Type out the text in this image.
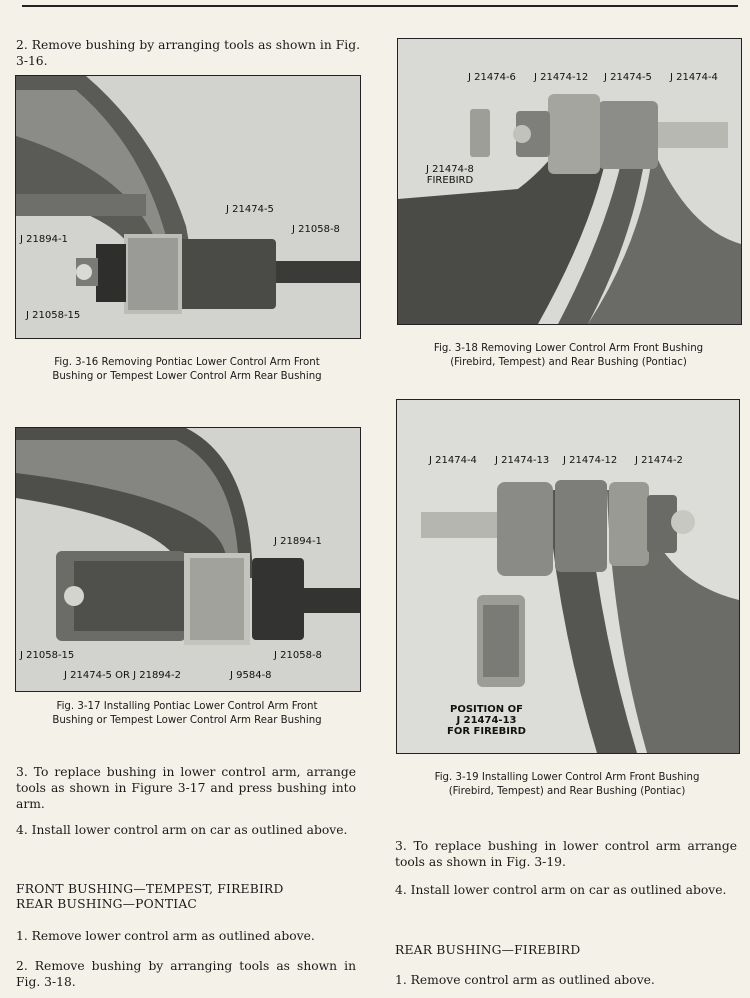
2. Remove bushing by arranging tools as shown in Fig. 3-16.

J 21474-5
J 21058-8
J 21894-1
J 21058-15

Fig. 3-16 Removing Pontiac Lower Control Arm Front
Bushing or Tempest Lower Control Arm Rear Bushing

J 21894-1
J 21058-15
J 21474-5 OR J 21894-2	J 9584-8
J 21058-8

Fig. 3-17 Installing Pontiac Lower Control Arm Front
Bushing or Tempest Lower Control Arm Rear Bushing

3. To replace bushing in lower control arm, arrange tools as shown in Figure 3-17 and press bushing into arm.

4. Install lower control arm on car as outlined above.

FRONT BUSHING—TEMPEST, FIREBIRD

REAR BUSHING—PONTIAC

1. Remove lower control arm as outlined above.

2. Remove bushing by arranging tools as shown in Fig. 3-18.

J 21474-6 J 21474-12 J 21474-5 J 21474-4
J 21474-8
FIREBIRD

Fig. 3-18 Removing Lower Control Arm Front Bushing
(Firebird, Tempest) and Rear Bushing (Pontiac)

J 21474-4 J 21474-13 J 21474-12 J 21474-2
POSITION OF
J 21474-13
FOR FIREBIRD

Fig. 3-19 Installing Lower Control Arm Front Bushing
(Firebird, Tempest) and Rear Bushing (Pontiac)

3. To replace bushing in lower control arm arrange tools as shown in Fig. 3-19.

4. Install lower control arm on car as outlined above.

REAR BUSHING—FIREBIRD

1. Remove control arm as outlined above.
